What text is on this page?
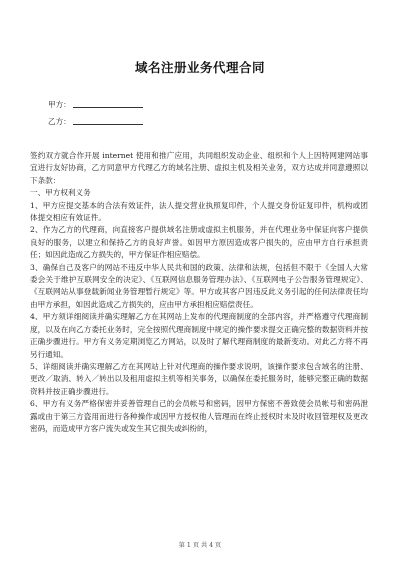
域名注册业务代理合同
甲方：
乙方：

签约双方就合作开展 internet 使用和推广应用，共同组织发动企业、组织和个人上因特网建网站事宜进行友好协商，乙方同意甲方代理乙方的域名注册、虚拟主机及相关业务，双方达成并同意遵照以下条款：

一、甲方权利义务

1、甲方应提交基本的合法有效证件，法人提交营业执照复印件，个人提交身份证复印件，机构或团体提交相应有效证件。

2、作为乙方的代理商，向直接客户提供域名注册或虚拟主机服务，并在代理业务中保证向客户提供良好的服务，以建立和保持乙方的良好声誉。如因甲方原因造成客户损失的，应由甲方自行承担责任；如因此造成乙方损失的，甲方保证作相应赔偿。

3、确保自己及客户的网站不违反中华人民共和国的政策、法律和法规，包括但不限于《全国人大常委会关于维护互联网安全的决定》、《互联网信息服务管理办法》、《互联网电子公告服务管理规定》、《互联网站从事登载新闻业务管理暂行规定》等。甲方或其客户因违反此义务引起的任何法律责任均由甲方承担，如因此造成乙方损失的，应由甲方承担相应赔偿责任。

4、甲方须详细阅读并确实理解乙方在其网站上发布的代理商制度的全部内容，并严格遵守代理商制度，以及在向乙方委托业务时，完全按照代理商制度中规定的操作要求提交正确完整的数据资料并按正确步骤进行。甲方有义务定期浏览乙方网站，以及时了解代理商制度的最新变动。对此乙方将不再另行通知。

5、详细阅读并确实理解乙方在其网站上针对代理商的操作要求说明，该操作要求包含域名的注册、更改／取消、转入／转出以及租用虚拟主机等相关事务，以确保在委托服务时，能够完整正确的数据资料并按正确步骤进行。

6、甲方有义务严格保密并妥善管理自己的会员帐号和密码，因甲方保密不善致使会员帐号和密码泄露或由于第三方盗用而进行各种操作或因甲方授权他人管理而在终止授权时未及时收回管理权及更改密码，而造成甲方客户流失或发生其它损失或纠纷的，

第 1 页 共 4 页
